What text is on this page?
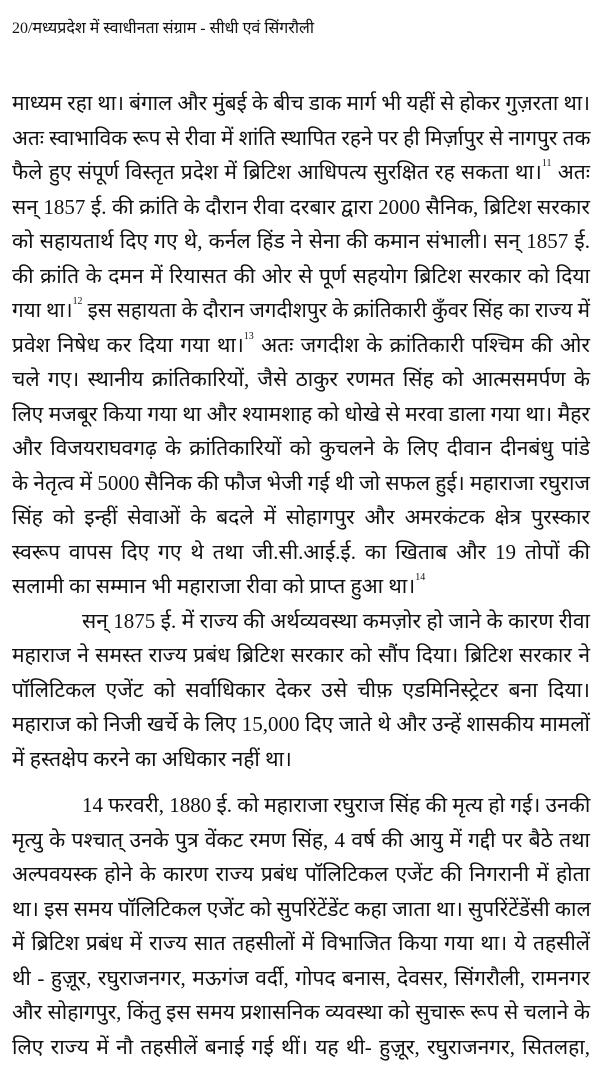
20/मध्यप्रदेश में स्वाधीनता संग्राम - सीधी एवं सिंगरौली
माध्यम रहा था। बंगाल और मुंबई के बीच डाक मार्ग भी यहीं से होकर गुज़रता था।
अतः स्वाभाविक रूप से रीवा में शांति स्थापित रहने पर ही मिर्ज़ापुर से नागपुर तक
फैले हुए संपूर्ण विस्तृत प्रदेश में ब्रिटिश आधिपत्य सुरक्षित रह सकता था।$^{11}$ अतः
सन् 1857 ई. की क्रांति के दौरान रीवा दरबार द्वारा 2000 सैनिक, ब्रिटिश सरकार
को सहायतार्थ दिए गए थे, कर्नल हिंड ने सेना की कमान संभाली। सन् 1857 ई.
की क्रांति के दमन में रियासत की ओर से पूर्ण सहयोग ब्रिटिश सरकार को दिया
गया था।$^{12}$ इस सहायता के दौरान जगदीशपुर के क्रांतिकारी कुँवर सिंह का राज्य में
प्रवेश निषेध कर दिया गया था।$^{13}$ अतः जगदीश के क्रांतिकारी पश्चिम की ओर
चले गए। स्थानीय क्रांतिकारियों, जैसे ठाकुर रणमत सिंह को आत्मसमर्पण के
लिए मजबूर किया गया था और श्यामशाह को धोखे से मरवा डाला गया था। मैहर
और विजयराघवगढ़ के क्रांतिकारियों को कुचलने के लिए दीवान दीनबंधु पांडे
के नेतृत्व में 5000 सैनिक की फौज भेजी गई थी जो सफल हुई। महाराजा रघुराज
सिंह को इन्हीं सेवाओं के बदले में सोहागपुर और अमरकंटक क्षेत्र पुरस्कार
स्वरूप वापस दिए गए थे तथा जी.सी.आई.ई. का खिताब और 19 तोपों की
सलामी का सम्मान भी महाराजा रीवा को प्राप्त हुआ था।$^{14}$
सन् 1875 ई. में राज्य की अर्थव्यवस्था कमज़ोर हो जाने के कारण रीवा
महाराज ने समस्त राज्य प्रबंध ब्रिटिश सरकार को सौंप दिया। ब्रिटिश सरकार ने
पॉलिटिकल एजेंट को सर्वाधिकार देकर उसे चीफ़ एडमिनिस्ट्रेटर बना दिया।
महाराज को निजी खर्चे के लिए 15,000 दिए जाते थे और उन्हें शासकीय मामलों
में हस्तक्षेप करने का अधिकार नहीं था।
14 फरवरी, 1880 ई. को महाराजा रघुराज सिंह की मृत्य हो गई। उनकी
मृत्यु के पश्चात् उनके पुत्र वेंकट रमण सिंह, 4 वर्ष की आयु में गद्दी पर बैठे तथा
अल्पवयस्क होने के कारण राज्य प्रबंध पॉलिटिकल एजेंट की निगरानी में होता
था। इस समय पॉलिटिकल एजेंट को सुपरिंटेंडेंट कहा जाता था। सुपरिंटेंडेंसी काल
में ब्रिटिश प्रबंध में राज्य सात तहसीलों में विभाजित किया गया था। ये तहसीलें
थी - हुज़ूर, रघुराजनगर, मऊगंज वर्दी, गोपद बनास, देवसर, सिंगरौली, रामनगर
और सोहागपुर, किंतु इस समय प्रशासनिक व्यवस्था को सुचारू रूप से चलाने के
लिए राज्य में नौ तहसीलें बनाई गई थीं। यह थी- हुज़ूर, रघुराजनगर, सितलहा,
